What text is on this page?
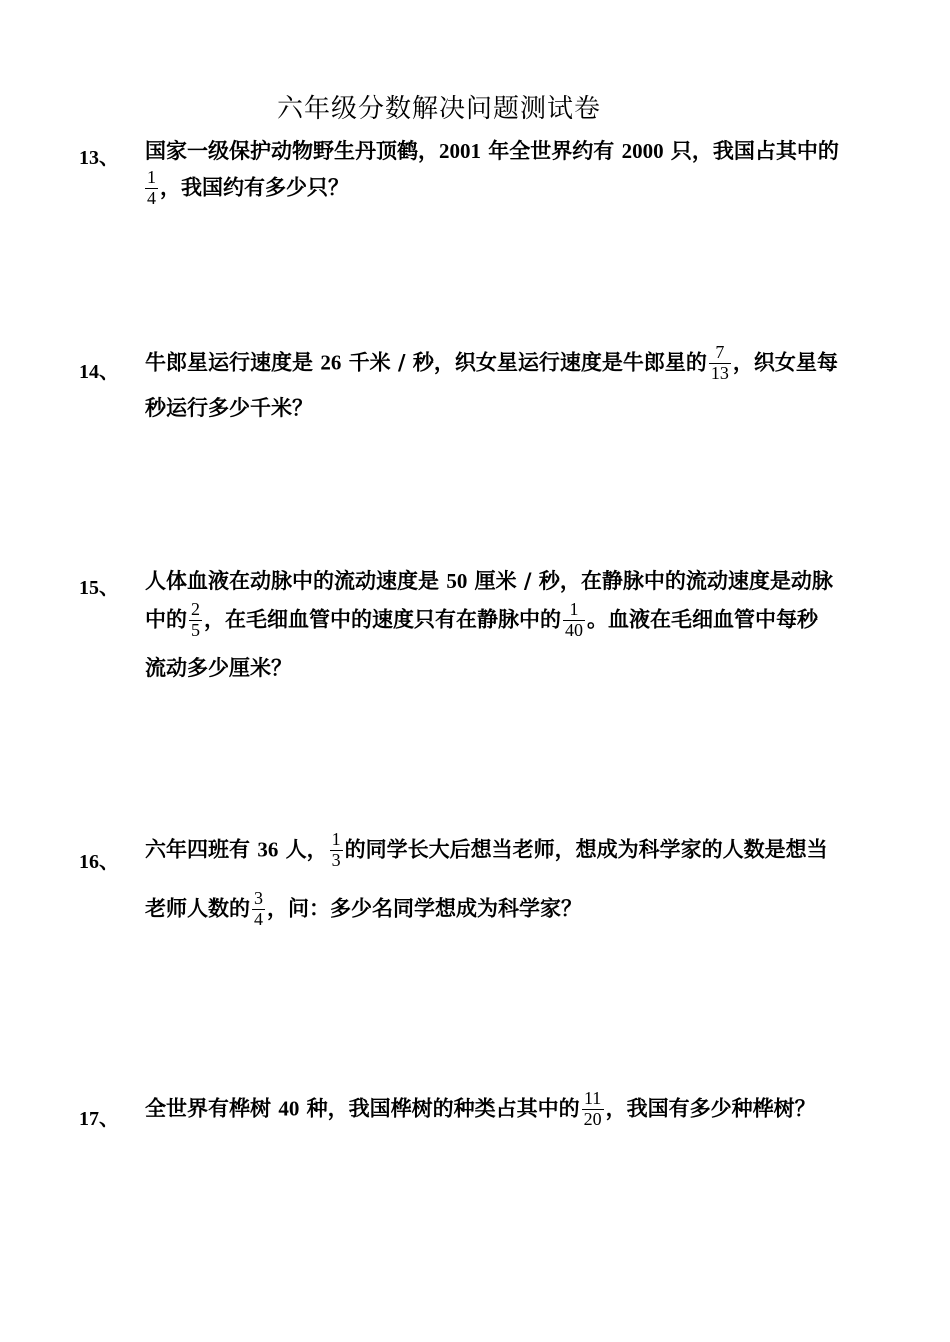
六年级分数解决问题测试卷
13、 国家一级保护动物野生丹顶鹤，2001 年全世界约有 2000 只，我国占其中的
$\frac{1}{4}$ ，我国约有多少只？
14、 牛郎星运行速度是 26 千米 / 秒，织女星运行速度是牛郎星的 $\frac{7}{13}$ ，织女星每
秒运行多少千米？
15、 人体血液在动脉中的流动速度是 50 厘米 / 秒，在静脉中的流动速度是动脉
中的 $\frac{2}{5}$ ，在毛细血管中的速度只有在静脉中的 $\frac{1}{40}$ 。血液在毛细血管中每秒
流动多少厘米？
16、
六年四班有 36 人， $\frac{1}{3}$ 的同学长大后想当老师，想成为科学家的人数是想当
老师人数的 $\frac{3}{4}$ ，问：多少名同学想成为科学家？
17、 全世界有桦树 40 种，我国桦树的种类占其中的 $\frac{11}{20}$ ，我国有多少种桦树？
